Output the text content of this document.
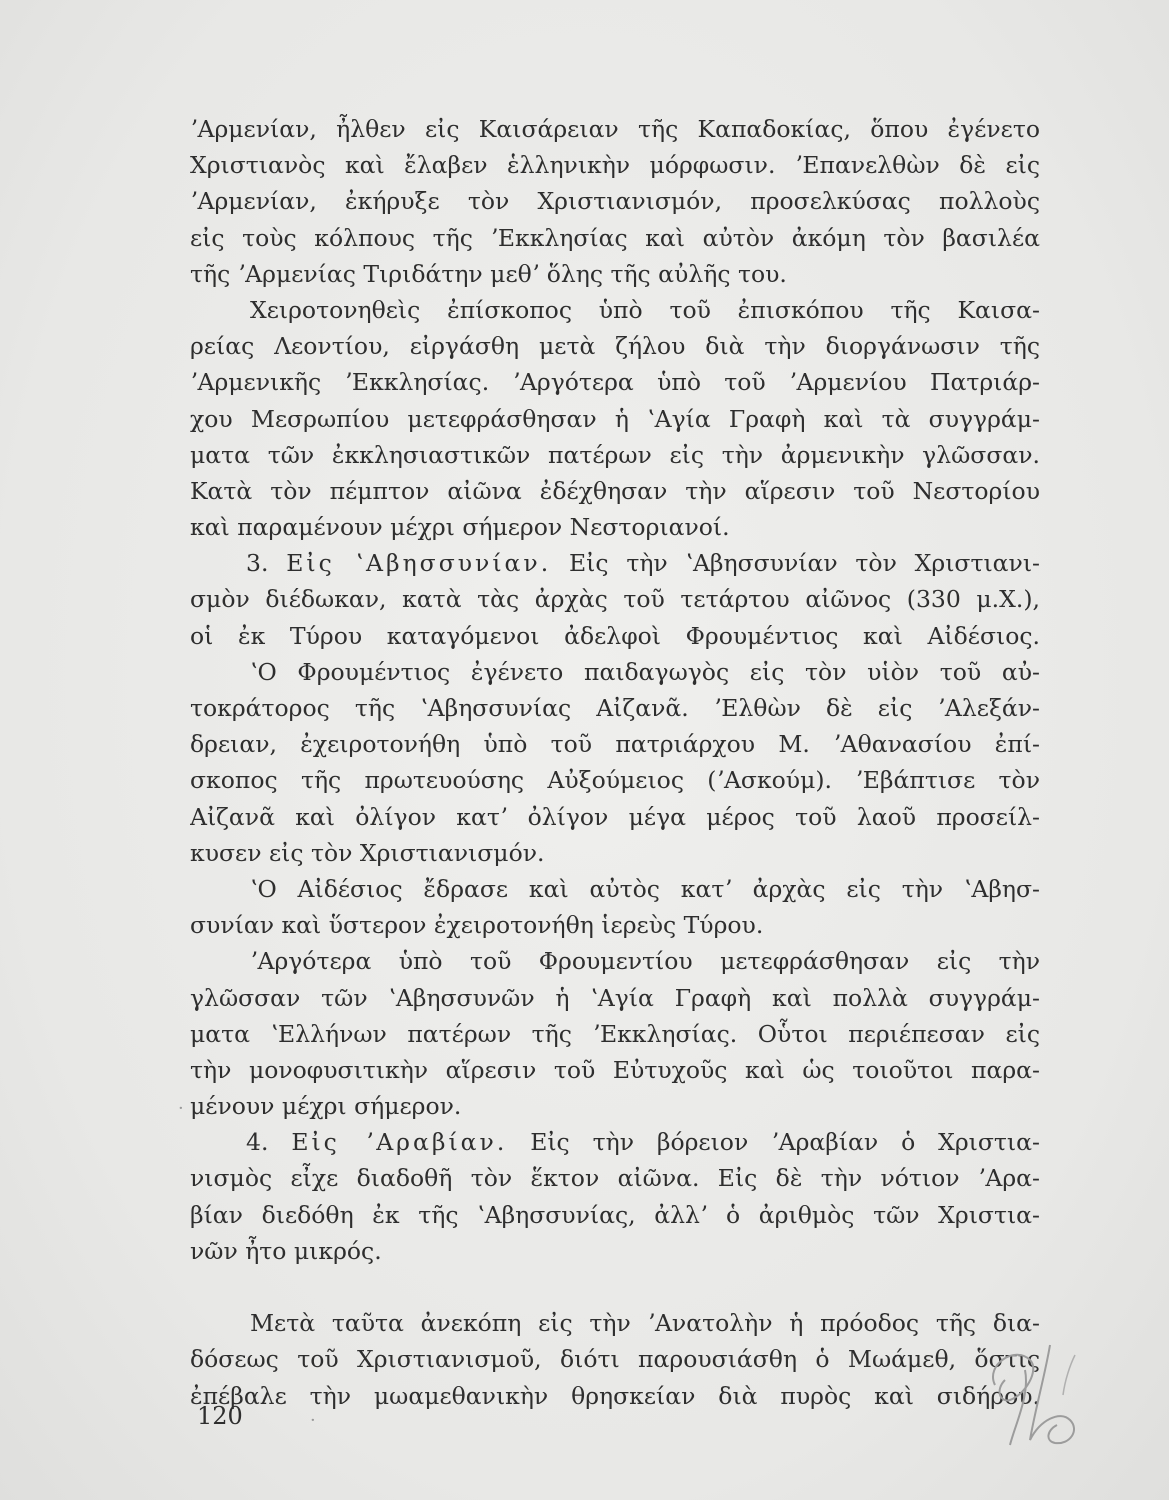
ʼΑρμενίαν, ἦλθεν εἰς Καισάρειαν τῆς Καπαδοκίας, ὅπου ἐγένετο
Χριστιανὸς καὶ ἔλαβεν ἑλληνικὴν μόρφωσιν. ʼΕπανελθὼν δὲ εἰς
ʼΑρμενίαν, ἐκήρυξε τὸν Χριστιανισμόν, προσελκύσας πολλοὺς
εἰς τοὺς κόλπους τῆς ʼΕκκλησίας καὶ αὐτὸν ἀκόμη τὸν βασιλέα
τῆς ʼΑρμενίας Τιριδάτην μεθʼ ὅλης τῆς αὐλῆς του.
Χειροτονηθεὶς ἐπίσκοπος ὑπὸ τοῦ ἐπισκόπου τῆς Καισα-
ρείας Λεοντίου, εἰργάσθη μετὰ ζήλου διὰ τὴν διοργάνωσιν τῆς
ʼΑρμενικῆς ʼΕκκλησίας. ʼΑργότερα ὑπὸ τοῦ ʼΑρμενίου Πατριάρ-
χου Μεσρωπίου μετεφράσθησαν ἡ ʽΑγία Γραφὴ καὶ τὰ συγγράμ-
ματα τῶν ἐκκλησιαστικῶν πατέρων εἰς τὴν ἀρμενικὴν γλῶσσαν.
Κατὰ τὸν πέμπτον αἰῶνα ἐδέχθησαν τὴν αἵρεσιν τοῦ Νεστορίου
καὶ παραμένουν μέχρι σήμερον Νεστοριανοί.
3. Εἰς ʽΑβησσυνίαν. Εἰς τὴν ʽΑβησσυνίαν τὸν Χριστιανι-
σμὸν διέδωκαν, κατὰ τὰς ἀρχὰς τοῦ τετάρτου αἰῶνος (330 μ.Χ.),
οἱ ἐκ Τύρου καταγόμενοι ἀδελφοὶ Φρουμέντιος καὶ Αἰδέσιος.
ʽΟ Φρουμέντιος ἐγένετο παιδαγωγὸς εἰς τὸν υἱὸν τοῦ αὐ-
τοκράτορος τῆς ʽΑβησσυνίας Αἰζανᾶ. ʼΕλθὼν δὲ εἰς ʼΑλεξάν-
δρειαν, ἐχειροτονήθη ὑπὸ τοῦ πατριάρχου Μ. ʼΑθανασίου ἐπί-
σκοπος τῆς πρωτευούσης Αὐξούμειος (ʼΑσκούμ). ʼΕβάπτισε τὸν
Αἰζανᾶ καὶ ὀλίγον κατʼ ὀλίγον μέγα μέρος τοῦ λαοῦ προσείλ-
κυσεν εἰς τὸν Χριστιανισμόν.
ʽΟ Αἰδέσιος ἔδρασε καὶ αὐτὸς κατʼ ἀρχὰς εἰς τὴν ʽΑβησ-
συνίαν καὶ ὕστερον ἐχειροτονήθη ἱερεὺς Τύρου.
ʼΑργότερα ὑπὸ τοῦ Φρουμεντίου μετεφράσθησαν εἰς τὴν
γλῶσσαν τῶν ʽΑβησσυνῶν ἡ ʽΑγία Γραφὴ καὶ πολλὰ συγγράμ-
ματα ʽΕλλήνων πατέρων τῆς ʼΕκκλησίας. Οὗτοι περιέπεσαν εἰς
τὴν μονοφυσιτικὴν αἵρεσιν τοῦ Εὐτυχοῦς καὶ ὡς τοιοῦτοι παρα-
μένουν μέχρι σήμερον.
4. Εἰς ʼΑραβίαν. Εἰς τὴν βόρειον ʼΑραβίαν ὁ Χριστια-
νισμὸς εἶχε διαδοθῆ τὸν ἕκτον αἰῶνα. Εἰς δὲ τὴν νότιον ʼΑρα-
βίαν διεδόθη ἐκ τῆς ʽΑβησσυνίας, ἀλλʼ ὁ ἀριθμὸς τῶν Χριστια-
νῶν ἦτο μικρός.
Μετὰ ταῦτα ἀνεκόπη εἰς τὴν ʼΑνατολὴν ἡ πρόοδος τῆς δια-
δόσεως τοῦ Χριστιανισμοῦ, διότι παρουσιάσθη ὁ Μωάμεθ, ὅστις
ἐπέβαλε τὴν μωαμεθανικὴν θρησκείαν διὰ πυρὸς καὶ σιδήρου.
120
·
·
